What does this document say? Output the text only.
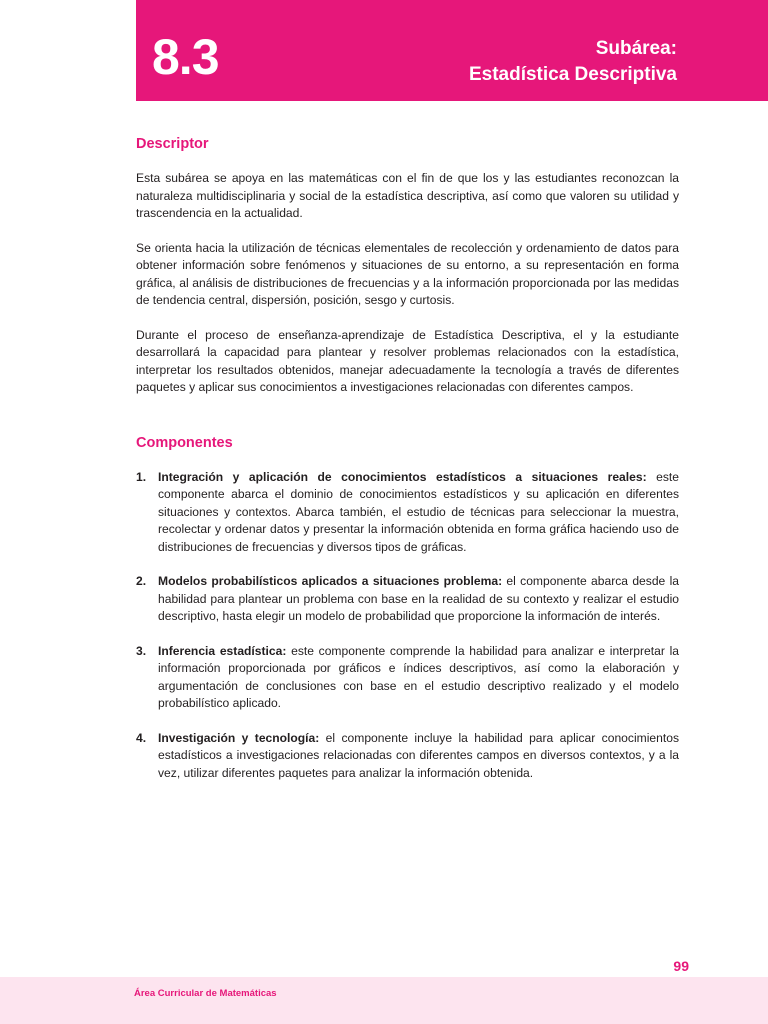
8.3	Subárea:
Estadística Descriptiva
Descriptor

Esta subárea se apoya en las matemáticas con el fin de que los y las estudiantes reconozcan la naturaleza multidisciplinaria y social de la estadística descriptiva, así como que valoren su utilidad y trascendencia en la actualidad.

Se orienta hacia la utilización de técnicas elementales de recolección y ordenamiento de datos para obtener información sobre fenómenos y situaciones de su entorno, a su representación en forma gráfica, al análisis de distribuciones de frecuencias y a la información proporcionada por las medidas de tendencia central, dispersión, posición, sesgo y curtosis.

Durante el proceso de enseñanza-aprendizaje de Estadística Descriptiva, el y la estudiante desarrollará la capacidad para plantear y resolver problemas relacionados con la estadística, interpretar los resultados obtenidos, manejar adecuadamente la tecnología a través de diferentes paquetes y aplicar sus conocimientos a investigaciones relacionadas con diferentes campos.

Componentes
1. Integración y aplicación de conocimientos estadísticos a situaciones reales: este componente abarca el dominio de conocimientos estadísticos y su aplicación en diferentes situaciones y contextos. Abarca también, el estudio de técnicas para seleccionar la muestra, recolectar y ordenar datos y presentar la información obtenida en forma gráfica haciendo uso de distribuciones de frecuencias y diversos tipos de gráficas.
2. Modelos probabilísticos aplicados a situaciones problema: el componente abarca desde la habilidad para plantear un problema con base en la realidad de su contexto y realizar el estudio descriptivo, hasta elegir un modelo de probabilidad que proporcione la información de interés.
3. Inferencia estadística: este componente comprende la habilidad para analizar e interpretar la información proporcionada por gráficos e índices descriptivos, así como la elaboración y argumentación de conclusiones con base en el estudio descriptivo realizado y el modelo probabilístico aplicado.
4. Investigación y tecnología: el componente incluye la habilidad para aplicar conocimientos estadísticos a investigaciones relacionadas con diferentes campos en diversos contextos, y a la vez, utilizar diferentes paquetes para analizar la información obtenida.
99
Área Curricular de Matemáticas
